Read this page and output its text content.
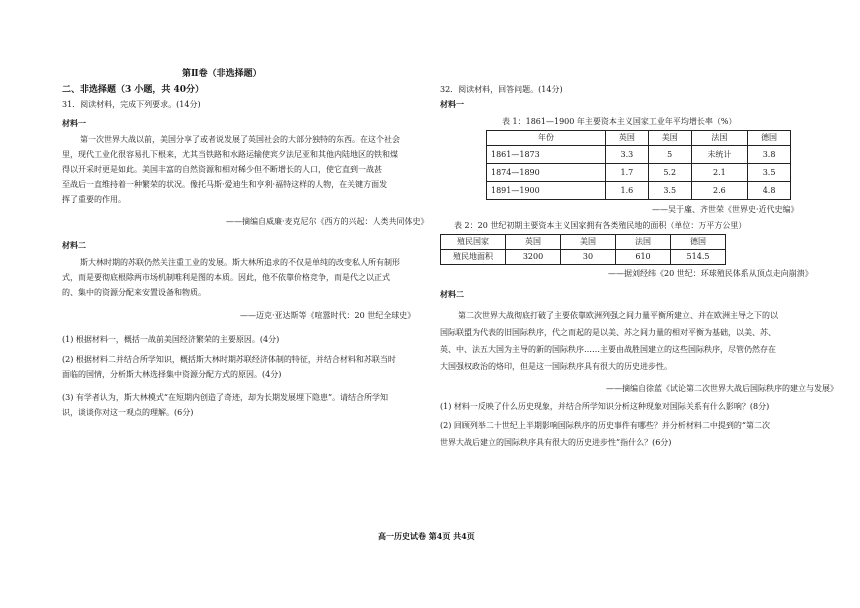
第Ⅱ卷（非选择题）
二、非选择题（3 小题，共 40分）
31．阅读材料，完成下列要求。(14分)
材料一
第一次世界大战以前，美国分享了或者说发展了英国社会的大部分独特的东西。在这个社会
里，现代工业化很容易扎下根来，尤其当铁路和水路运输使宾夕法尼亚和其他内陆地区的铁和煤
得以开采时更是如此。美国丰富的自然资源和相对稀少但不断增长的人口，使它直到一战甚
至战后一直维持着一种繁荣的状况。像托马斯·爱迪生和亨利·福特这样的人物，在关键方面发
挥了重要的作用。
——摘编自威廉·麦克尼尔《西方的兴起：人类共同体史》
材料二
斯大林时期的苏联仍然关注重工业的发展。斯大林所追求的不仅是单纯的改变私人所有制形
式，而是要彻底根除两市场机制唯利是图的本质。因此，他不依靠价格竞争，而是代之以正式
的、集中的资源分配来安置设备和物质。
——迈克·亚达斯等《喧嚣时代：20 世纪全球史》
(1) 根据材料一，概括一战前美国经济繁荣的主要原因。(4分)
(2) 根据材料二并结合所学知识，概括斯大林时期苏联经济体制的特征，并结合材料和苏联当时
面临的国情，分析斯大林选择集中资源分配方式的原因。(4分)
(3) 有学者认为，斯大林模式“在短期内创造了奇迹，却为长期发展埋下隐患”。请结合所学知
识，谈谈你对这一观点的理解。(6分)
32．阅读材料，回答问题。(14分)
材料一
表 1：1861—1900 年主要资本主义国家工业年平均增长率（%）
年份	英国	美国	法国	德国
1861—1873	3.3	5	未统计	3.8
1874—1890	1.7	5.2	2.1	3.5
1891—1900	1.6	3.5	2.6	4.8
——吴于廑、齐世荣《世界史·近代史编》
表 2：20 世纪初期主要资本主义国家拥有各类殖民地的面积（单位：万平方公里）
殖民国家	英国	美国	法国	德国
殖民地面积	3200	30	610	514.5
——据刘经纬《20 世纪：环球殖民体系从顶点走向崩溃》
材料二
第二次世界大战彻底打破了主要依靠欧洲列强之间力量平衡所建立、并在欧洲主导之下的以
国际联盟为代表的旧国际秩序，代之而起的是以美、苏之间力量的相对平衡为基础，以美、苏、
英、中、法五大国为主导的新的国际秩序……主要由战胜国建立的这些国际秩序，尽管仍然存在
大国强权政治的烙印，但是这一国际秩序具有很大的历史进步性。
——摘编自徐蓝《试论第二次世界大战后国际秩序的建立与发展》
(1) 材料一反映了什么历史现象，并结合所学知识分析这种现象对国际关系有什么影响？(8分)
(2) 回顾列举二十世纪上半期影响国际秩序的历史事件有哪些？并分析材料二中提到的“第二次
世界大战后建立的国际秩序具有很大的历史进步性”指什么？(6分)
高一历史试卷 第4页 共4页
